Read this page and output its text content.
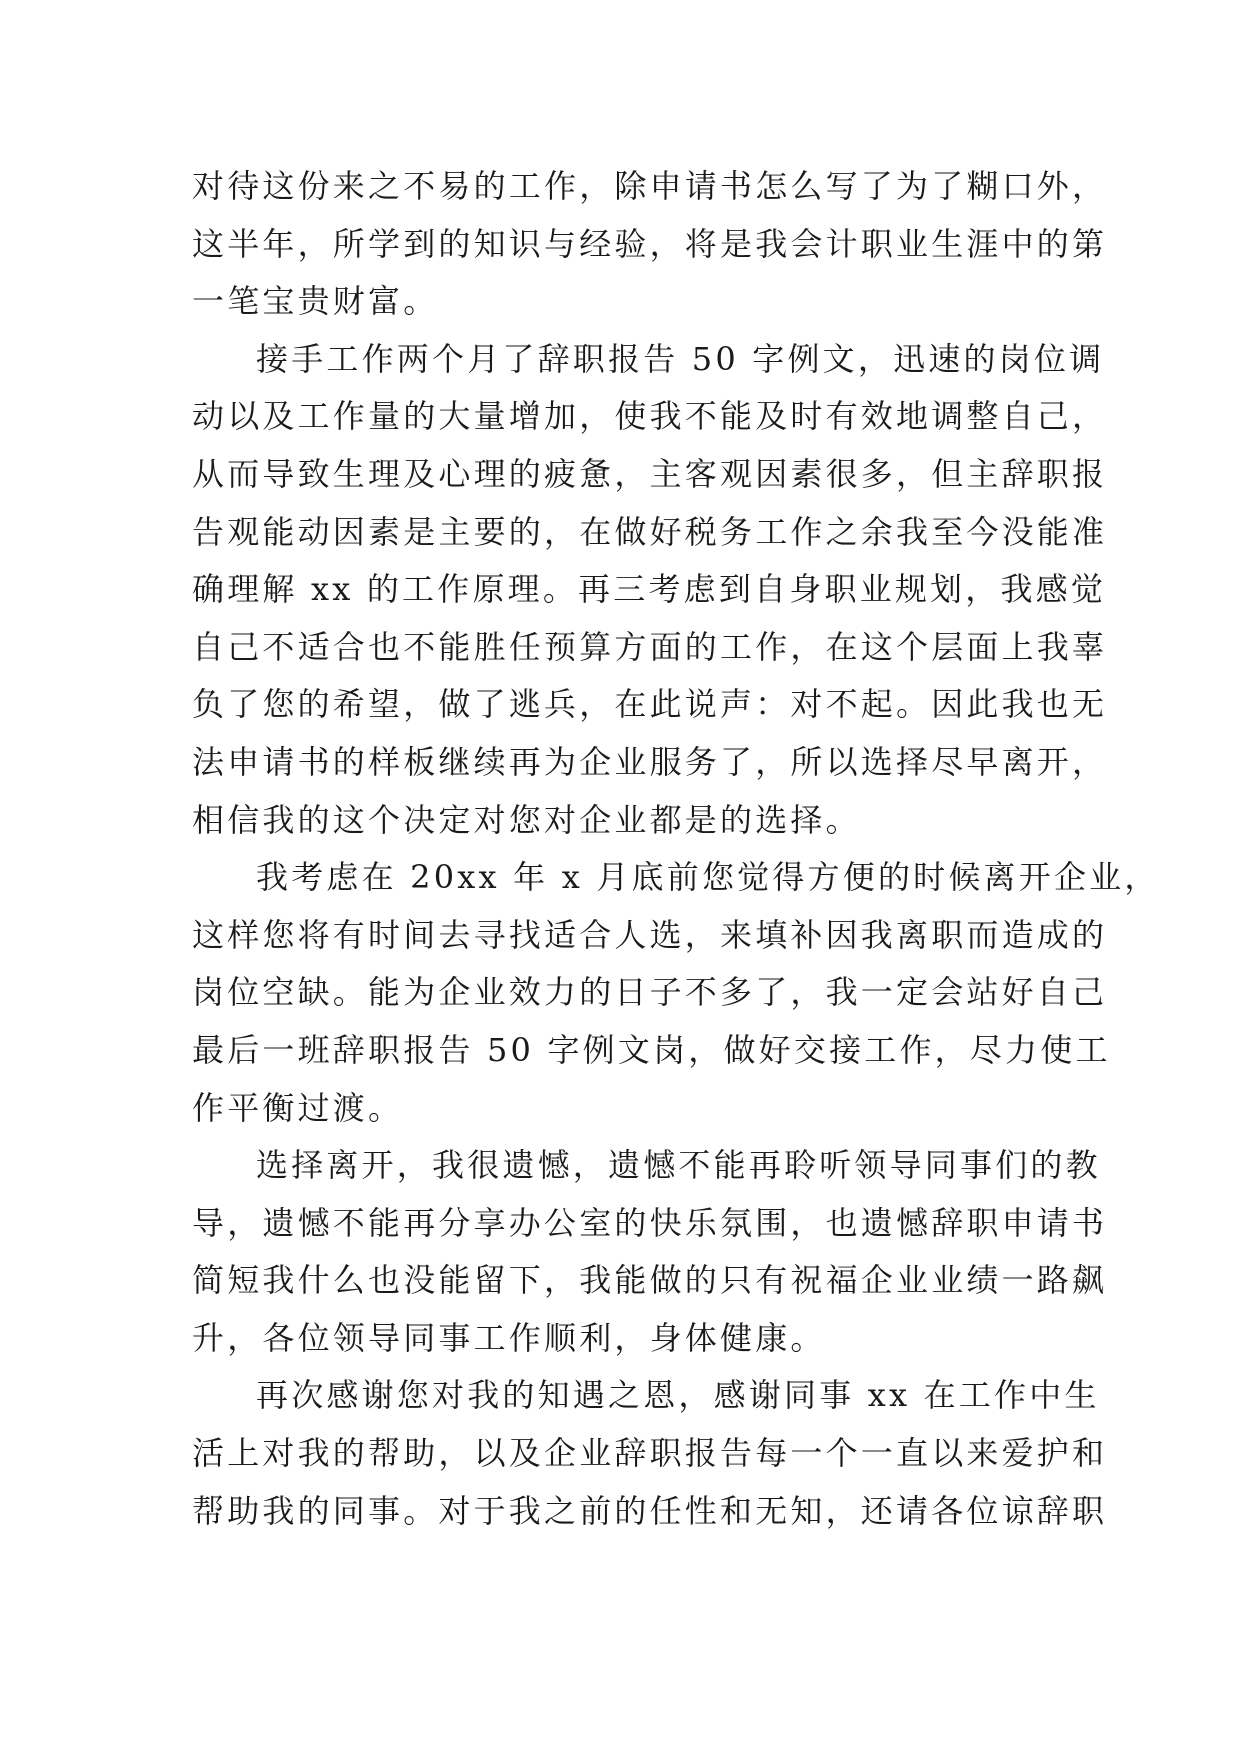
对待这份来之不易的工作，除申请书怎么写了为了糊口外，
这半年，所学到的知识与经验，将是我会计职业生涯中的第
一笔宝贵财富。
接手工作两个月了辞职报告 50 字例文，迅速的岗位调
动以及工作量的大量增加，使我不能及时有效地调整自己，
从而导致生理及心理的疲惫，主客观因素很多，但主辞职报
告观能动因素是主要的，在做好税务工作之余我至今没能准
确理解 xx 的工作原理。再三考虑到自身职业规划，我感觉
自己不适合也不能胜任预算方面的工作，在这个层面上我辜
负了您的希望，做了逃兵，在此说声：对不起。因此我也无
法申请书的样板继续再为企业服务了，所以选择尽早离开，
相信我的这个决定对您对企业都是的选择。
我考虑在 20xx 年 x 月底前您觉得方便的时候离开企业，
这样您将有时间去寻找适合人选，来填补因我离职而造成的
岗位空缺。能为企业效力的日子不多了，我一定会站好自己
最后一班辞职报告 50 字例文岗，做好交接工作，尽力使工
作平衡过渡。
选择离开，我很遗憾，遗憾不能再聆听领导同事们的教
导，遗憾不能再分享办公室的快乐氛围，也遗憾辞职申请书
简短我什么也没能留下，我能做的只有祝福企业业绩一路飙
升，各位领导同事工作顺利，身体健康。
再次感谢您对我的知遇之恩，感谢同事 xx 在工作中生
活上对我的帮助，以及企业辞职报告每一个一直以来爱护和
帮助我的同事。对于我之前的任性和无知，还请各位谅辞职
